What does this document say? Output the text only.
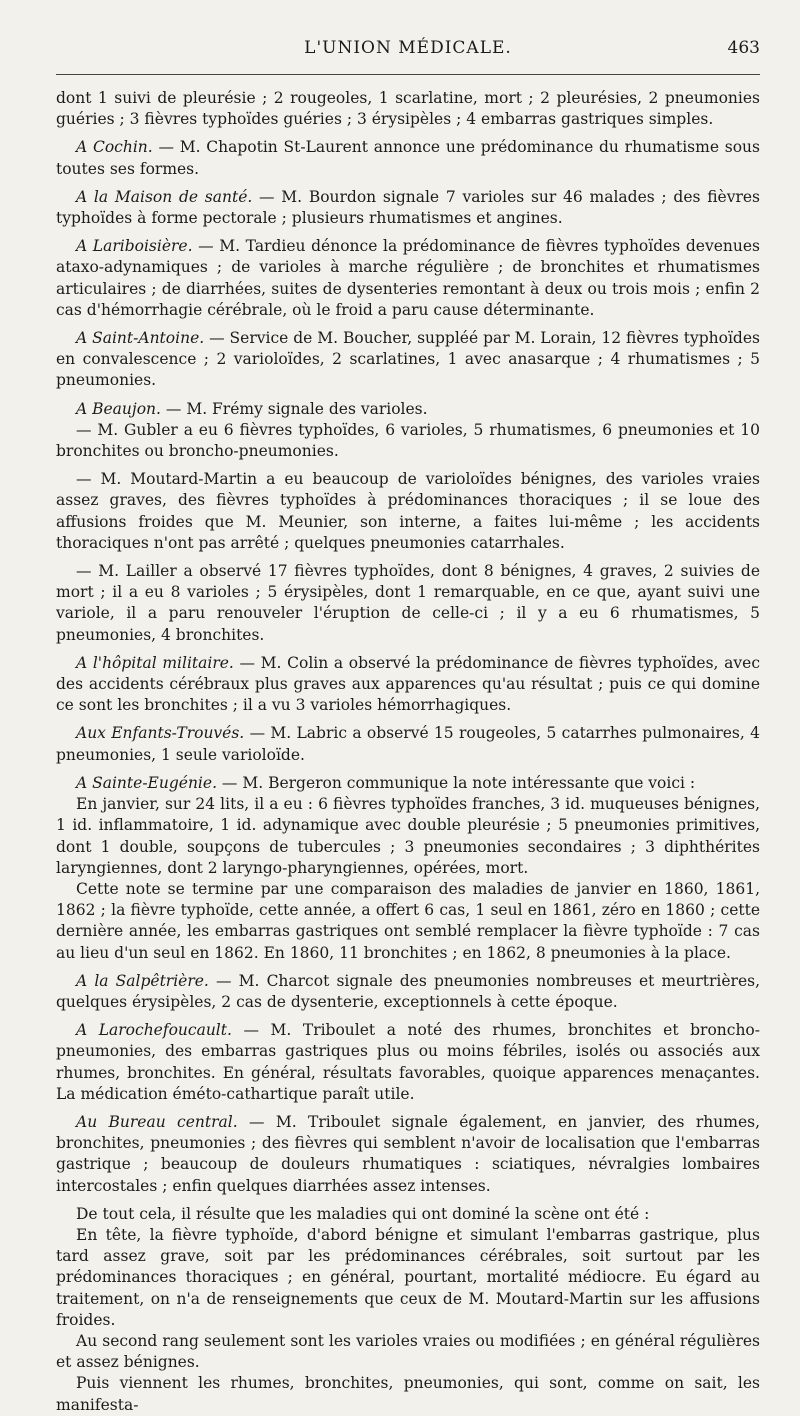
L'UNION MÉDICALE.	463

dont 1 suivi de pleurésie ; 2 rougeoles, 1 scarlatine, mort ; 2 pleurésies, 2 pneumonies guéries ; 3 fièvres typhoïdes guéries ; 3 érysipèles ; 4 embarras gastriques simples.

A Cochin. — M. Chapotin St-Laurent annonce une prédominance du rhumatisme sous toutes ses formes.

A la Maison de santé. — M. Bourdon signale 7 varioles sur 46 malades ; des fièvres typhoïdes à forme pectorale ; plusieurs rhumatismes et angines.

A Lariboisière. — M. Tardieu dénonce la prédominance de fièvres typhoïdes devenues ataxo-adynamiques ; de varioles à marche régulière ; de bronchites et rhumatismes articulaires ; de diarrhées, suites de dysenteries remontant à deux ou trois mois ; enfin 2 cas d'hémorrhagie cérébrale, où le froid a paru cause déterminante.

A Saint-Antoine. — Service de M. Boucher, suppléé par M. Lorain, 12 fièvres typhoïdes en convalescence ; 2 varioloïdes, 2 scarlatines, 1 avec anasarque ; 4 rhumatismes ; 5 pneumonies.

A Beaujon. — M. Frémy signale des varioles.

— M. Gubler a eu 6 fièvres typhoïdes, 6 varioles, 5 rhumatismes, 6 pneumonies et 10 bronchites ou broncho-pneumonies.

— M. Moutard-Martin a eu beaucoup de varioloïdes bénignes, des varioles vraies assez graves, des fièvres typhoïdes à prédominances thoraciques ; il se loue des affusions froides que M. Meunier, son interne, a faites lui-même ; les accidents thoraciques n'ont pas arrêté ; quelques pneumonies catarrhales.

— M. Lailler a observé 17 fièvres typhoïdes, dont 8 bénignes, 4 graves, 2 suivies de mort ; il a eu 8 varioles ; 5 érysipèles, dont 1 remarquable, en ce que, ayant suivi une variole, il a paru renouveler l'éruption de celle-ci ; il y a eu 6 rhumatismes, 5 pneumonies, 4 bronchites.

A l'hôpital militaire. — M. Colin a observé la prédominance de fièvres typhoïdes, avec des accidents cérébraux plus graves aux apparences qu'au résultat ; puis ce qui domine ce sont les bronchites ; il a vu 3 varioles hémorrhagiques.

Aux Enfants-Trouvés. — M. Labric a observé 15 rougeoles, 5 catarrhes pulmonaires, 4 pneumonies, 1 seule varioloïde.

A Sainte-Eugénie. — M. Bergeron communique la note intéressante que voici :

En janvier, sur 24 lits, il a eu : 6 fièvres typhoïdes franches, 3 id. muqueuses bénignes, 1 id. inflammatoire, 1 id. adynamique avec double pleurésie ; 5 pneumonies primitives, dont 1 double, soupçons de tubercules ; 3 pneumonies secondaires ; 3 diphthérites laryngiennes, dont 2 laryngo-pharyngiennes, opérées, mort.

Cette note se termine par une comparaison des maladies de janvier en 1860, 1861, 1862 ; la fièvre typhoïde, cette année, a offert 6 cas, 1 seul en 1861, zéro en 1860 ; cette dernière année, les embarras gastriques ont semblé remplacer la fièvre typhoïde : 7 cas au lieu d'un seul en 1862. En 1860, 11 bronchites ; en 1862, 8 pneumonies à la place.

A la Salpêtrière. — M. Charcot signale des pneumonies nombreuses et meurtrières, quelques érysipèles, 2 cas de dysenterie, exceptionnels à cette époque.

A Larochefoucault. — M. Triboulet a noté des rhumes, bronchites et broncho-pneumonies, des embarras gastriques plus ou moins fébriles, isolés ou associés aux rhumes, bronchites. En général, résultats favorables, quoique apparences menaçantes. La médication éméto-cathartique paraît utile.

Au Bureau central. — M. Triboulet signale également, en janvier, des rhumes, bronchites, pneumonies ; des fièvres qui semblent n'avoir de localisation que l'embarras gastrique ; beaucoup de douleurs rhumatiques : sciatiques, névralgies lombaires intercostales ; enfin quelques diarrhées assez intenses.

De tout cela, il résulte que les maladies qui ont dominé la scène ont été :

En tête, la fièvre typhoïde, d'abord bénigne et simulant l'embarras gastrique, plus tard assez grave, soit par les prédominances cérébrales, soit surtout par les prédominances thoraciques ; en général, pourtant, mortalité médiocre. Eu égard au traitement, on n'a de renseignements que ceux de M. Moutard-Martin sur les affusions froides.

Au second rang seulement sont les varioles vraies ou modifiées ; en général régulières et assez bénignes.

Puis viennent les rhumes, bronchites, pneumonies, qui sont, comme on sait, les manifesta-
